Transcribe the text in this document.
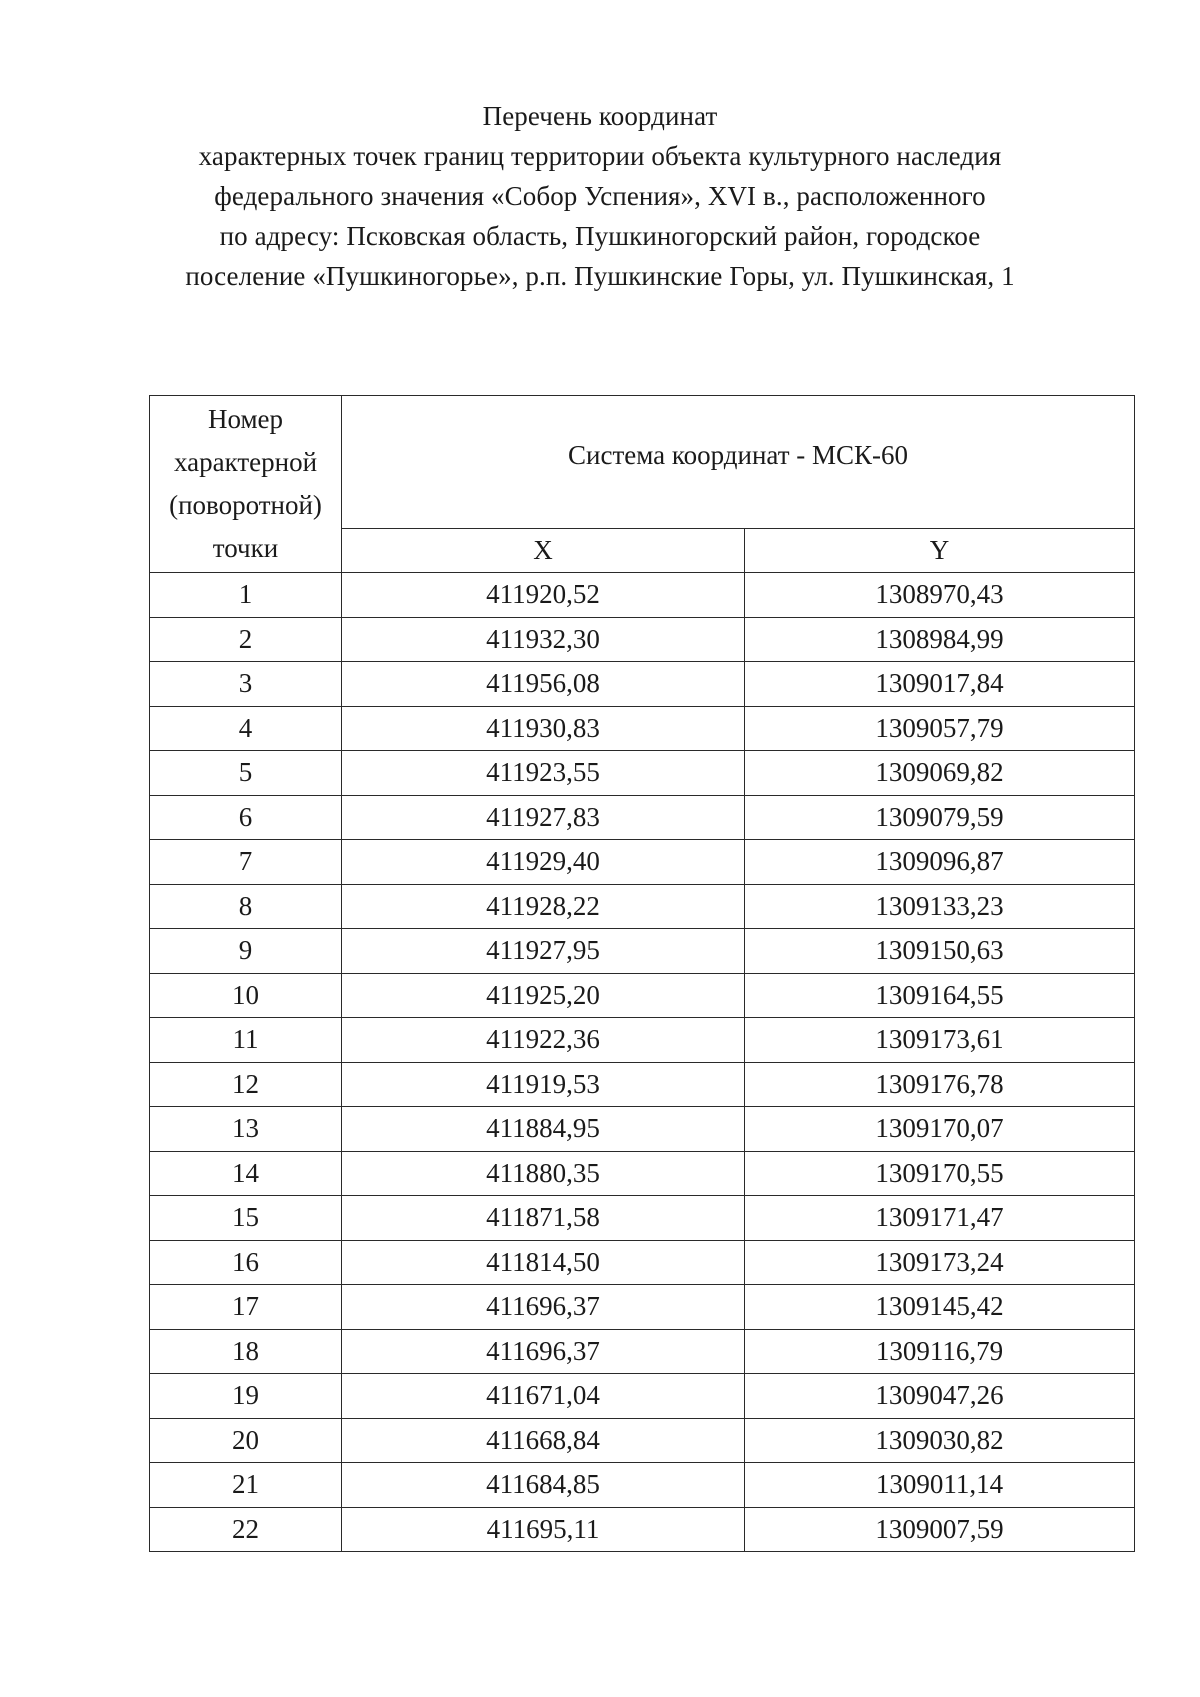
Перечень координат
характерных точек границ территории объекта культурного наследия
федерального значения «Собор Успения», XVI в., расположенного
по адресу: Псковская область, Пушкиногорский район, городское
поселение «Пушкиногорье», р.п. Пушкинские Горы, ул. Пушкинская, 1
Номер
характерной
(поворотной)
точки	Система координат - МСК-60	
	X	Y
1	411920,52	1308970,43
2	411932,30	1308984,99
3	411956,08	1309017,84
4	411930,83	1309057,79
5	411923,55	1309069,82
6	411927,83	1309079,59
7	411929,40	1309096,87
8	411928,22	1309133,23
9	411927,95	1309150,63
10	411925,20	1309164,55
11	411922,36	1309173,61
12	411919,53	1309176,78
13	411884,95	1309170,07
14	411880,35	1309170,55
15	411871,58	1309171,47
16	411814,50	1309173,24
17	411696,37	1309145,42
18	411696,37	1309116,79
19	411671,04	1309047,26
20	411668,84	1309030,82
21	411684,85	1309011,14
22	411695,11	1309007,59
